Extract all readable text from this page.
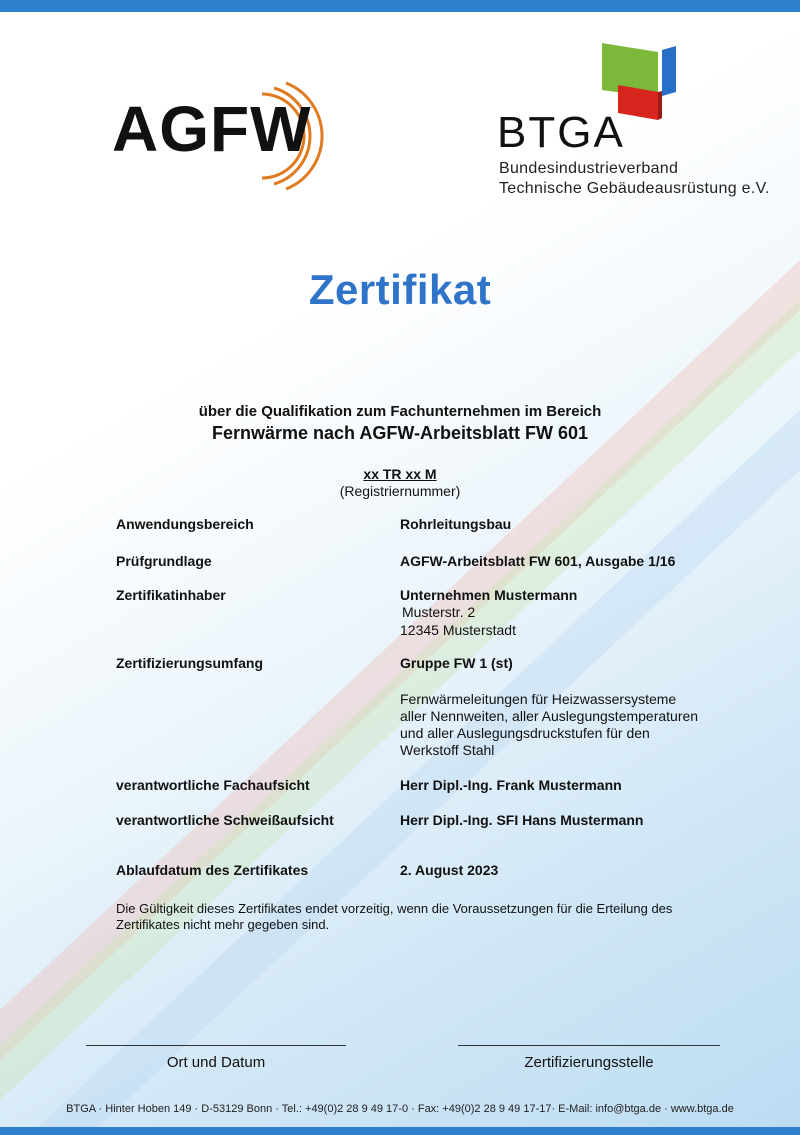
AGFW	BTGA
Bundesindustrieverband
Technische Gebäudeausrüstung e.V.
Zertifikat
über die Qualifikation zum Fachunternehmen im Bereich
Fernwärme nach AGFW-Arbeitsblatt FW 601
xx TR xx M
(Registriernummer)
Anwendungsbereich	Rohrleitungsbau
Prüfgrundlage	AGFW-Arbeitsblatt FW 601, Ausgabe 1/16
Zertifikatinhaber	Unternehmen Mustermann
Musterstr. 2
12345 Musterstadt
Zertifizierungsumfang	Gruppe FW 1 (st)
Fernwärmeleitungen für Heizwassersysteme
aller Nennweiten, aller Auslegungstemperaturen
und aller Auslegungsdruckstufen für den
Werkstoff Stahl
verantwortliche Fachaufsicht	Herr Dipl.-Ing. Frank Mustermann
verantwortliche Schweißaufsicht	Herr Dipl.-Ing. SFI Hans Mustermann
Ablaufdatum des Zertifikates	2. August 2023
Die Gültigkeit dieses Zertifikates endet vorzeitig, wenn die Voraussetzungen für die Erteilung des
Zertifikates nicht mehr gegeben sind.
Ort und Datum	Zertifizierungsstelle
BTGA · Hinter Hoben 149 · D-53129 Bonn · Tel.: +49(0)2 28 9 49 17-0 · Fax: +49(0)2 28 9 49 17-17· E-Mail: info@btga.de · www.btga.de
